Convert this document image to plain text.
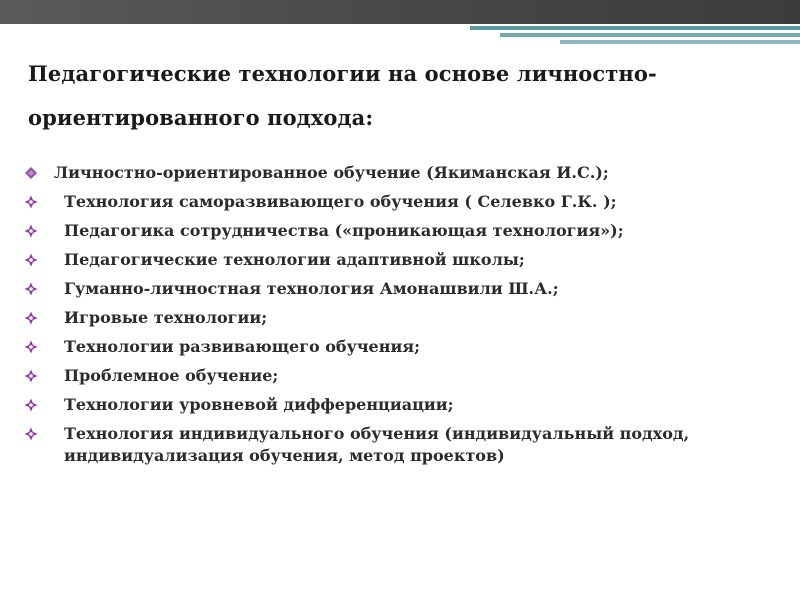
Педагогические технологии на основе личностно-
ориентированного подхода:
Личностно-ориентированное обучение (Якиманская И.С.);
Технология саморазвивающего обучения ( Селевко Г.К. );
Педагогика сотрудничества («проникающая технология»);
Педагогические технологии адаптивной школы;
Гуманно-личностная технология Амонашвили Ш.А.;
Игровые технологии;
Технологии развивающего обучения;
Проблемное обучение;
Технологии уровневой дифференциации;
Технология индивидуального обучения (индивидуальный подход, индивидуализация обучения, метод проектов)
